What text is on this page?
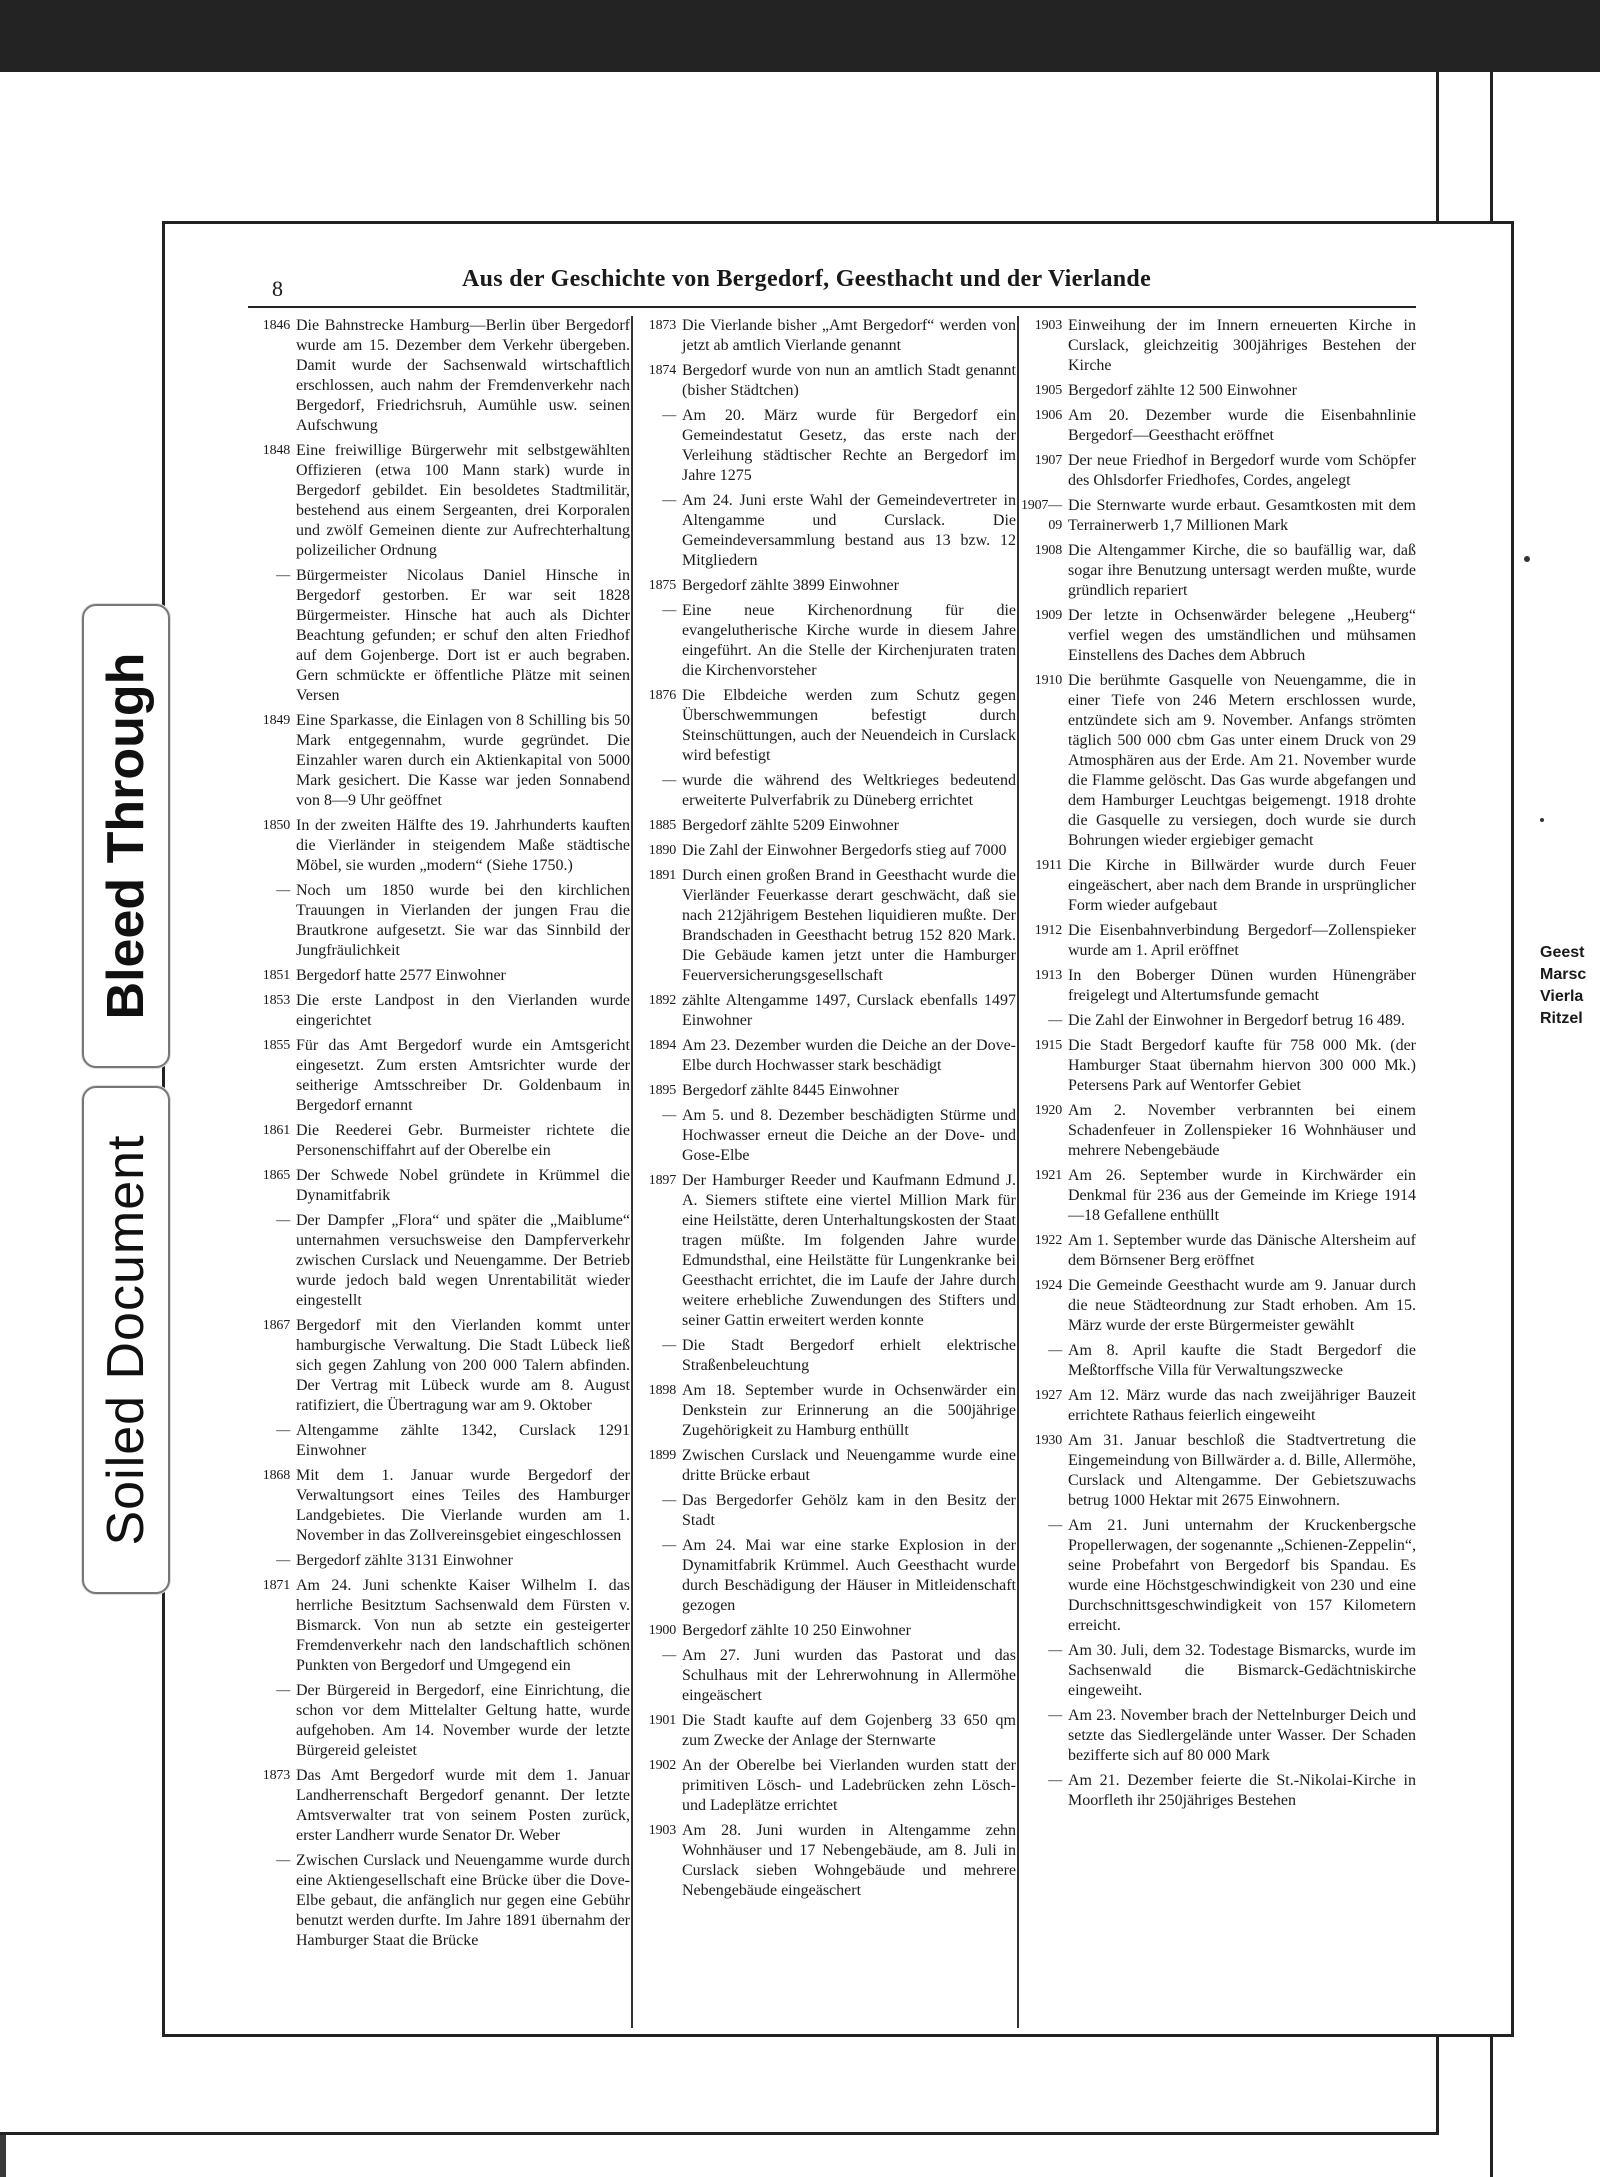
Geest
Marsc
Vierla
Ritzel
Bleed Through
Soiled Document
8	Aus der Geschichte von Bergedorf, Geesthacht und der Vierlande
1846 Die Bahnstrecke Hamburg—Berlin über Bergedorf wurde am 15. Dezember dem Verkehr übergeben. Damit wurde der Sachsenwald wirtschaftlich erschlossen, auch nahm der Fremdenverkehr nach Bergedorf, Friedrichsruh, Aumühle usw. seinen Aufschwung
1848 Eine freiwillige Bürgerwehr mit selbstgewählten Offizieren (etwa 100 Mann stark) wurde in Bergedorf gebildet. Ein besoldetes Stadtmilitär, bestehend aus einem Sergeanten, drei Korporalen und zwölf Gemeinen diente zur Aufrechterhaltung polizeilicher Ordnung
— Bürgermeister Nicolaus Daniel Hinsche in Bergedorf gestorben. Er war seit 1828 Bürgermeister. Hinsche hat auch als Dichter Beachtung gefunden; er schuf den alten Friedhof auf dem Gojenberge. Dort ist er auch begraben. Gern schmückte er öffentliche Plätze mit seinen Versen
1849 Eine Sparkasse, die Einlagen von 8 Schilling bis 50 Mark entgegennahm, wurde gegründet. Die Einzahler waren durch ein Aktienkapital von 5000 Mark gesichert. Die Kasse war jeden Sonnabend von 8—9 Uhr geöffnet
1850 In der zweiten Hälfte des 19. Jahrhunderts kauften die Vierländer in steigendem Maße städtische Möbel, sie wurden „modern“ (Siehe 1750.)
— Noch um 1850 wurde bei den kirchlichen Trauungen in Vierlanden der jungen Frau die Brautkrone aufgesetzt. Sie war das Sinnbild der Jungfräulichkeit
1851 Bergedorf hatte 2577 Einwohner
1853 Die erste Landpost in den Vierlanden wurde eingerichtet
1855 Für das Amt Bergedorf wurde ein Amtsgericht eingesetzt. Zum ersten Amtsrichter wurde der seitherige Amtsschreiber Dr. Goldenbaum in Bergedorf ernannt
1861 Die Reederei Gebr. Burmeister richtete die Personenschiffahrt auf der Oberelbe ein
1865 Der Schwede Nobel gründete in Krümmel die Dynamitfabrik
— Der Dampfer „Flora“ und später die „Maiblume“ unternahmen versuchsweise den Dampferverkehr zwischen Curslack und Neuengamme. Der Betrieb wurde jedoch bald wegen Unrentabilität wieder eingestellt
1867 Bergedorf mit den Vierlanden kommt unter hamburgische Verwaltung. Die Stadt Lübeck ließ sich gegen Zahlung von 200 000 Talern abfinden. Der Vertrag mit Lübeck wurde am 8. August ratifiziert, die Übertragung war am 9. Oktober
— Altengamme zählte 1342, Curslack 1291 Einwohner
1868 Mit dem 1. Januar wurde Bergedorf der Verwaltungsort eines Teiles des Hamburger Landgebietes. Die Vierlande wurden am 1. November in das Zollvereinsgebiet eingeschlossen
— Bergedorf zählte 3131 Einwohner
1871 Am 24. Juni schenkte Kaiser Wilhelm I. das herrliche Besitztum Sachsenwald dem Fürsten v. Bismarck. Von nun ab setzte ein gesteigerter Fremdenverkehr nach den landschaftlich schönen Punkten von Bergedorf und Umgegend ein
— Der Bürgereid in Bergedorf, eine Einrichtung, die schon vor dem Mittelalter Geltung hatte, wurde aufgehoben. Am 14. November wurde der letzte Bürgereid geleistet
1873 Das Amt Bergedorf wurde mit dem 1. Januar Landherrenschaft Bergedorf genannt. Der letzte Amtsverwalter trat von seinem Posten zurück, erster Landherr wurde Senator Dr. Weber
— Zwischen Curslack und Neuengamme wurde durch eine Aktiengesellschaft eine Brücke über die Dove-Elbe gebaut, die anfänglich nur gegen eine Gebühr benutzt werden durfte. Im Jahre 1891 übernahm der Hamburger Staat die Brücke
1873 Die Vierlande bisher „Amt Bergedorf“ werden von jetzt ab amtlich Vierlande genannt
1874 Bergedorf wurde von nun an amtlich Stadt genannt (bisher Städtchen)
— Am 20. März wurde für Bergedorf ein Gemeindestatut Gesetz, das erste nach der Verleihung städtischer Rechte an Bergedorf im Jahre 1275
— Am 24. Juni erste Wahl der Gemeindevertreter in Altengamme und Curslack. Die Gemeindeversammlung bestand aus 13 bzw. 12 Mitgliedern
1875 Bergedorf zählte 3899 Einwohner
— Eine neue Kirchenordnung für die evangelutherische Kirche wurde in diesem Jahre eingeführt. An die Stelle der Kirchenjuraten traten die Kirchenvorsteher
1876 Die Elbdeiche werden zum Schutz gegen Überschwemmungen befestigt durch Steinschüttungen, auch der Neuendeich in Curslack wird befestigt
— wurde die während des Weltkrieges bedeutend erweiterte Pulverfabrik zu Düneberg errichtet
1885 Bergedorf zählte 5209 Einwohner
1890 Die Zahl der Einwohner Bergedorfs stieg auf 7000
1891 Durch einen großen Brand in Geesthacht wurde die Vierländer Feuerkasse derart geschwächt, daß sie nach 212jährigem Bestehen liquidieren mußte. Der Brandschaden in Geesthacht betrug 152 820 Mark. Die Gebäude kamen jetzt unter die Hamburger Feuerversicherungsgesellschaft
1892 zählte Altengamme 1497, Curslack ebenfalls 1497 Einwohner
1894 Am 23. Dezember wurden die Deiche an der Dove-Elbe durch Hochwasser stark beschädigt
1895 Bergedorf zählte 8445 Einwohner
— Am 5. und 8. Dezember beschädigten Stürme und Hochwasser erneut die Deiche an der Dove- und Gose-Elbe
1897 Der Hamburger Reeder und Kaufmann Edmund J. A. Siemers stiftete eine viertel Million Mark für eine Heilstätte, deren Unterhaltungskosten der Staat tragen müßte. Im folgenden Jahre wurde Edmundsthal, eine Heilstätte für Lungenkranke bei Geesthacht errichtet, die im Laufe der Jahre durch weitere erhebliche Zuwendungen des Stifters und seiner Gattin erweitert werden konnte
— Die Stadt Bergedorf erhielt elektrische Straßenbeleuchtung
1898 Am 18. September wurde in Ochsenwärder ein Denkstein zur Erinnerung an die 500jährige Zugehörigkeit zu Hamburg enthüllt
1899 Zwischen Curslack und Neuengamme wurde eine dritte Brücke erbaut
— Das Bergedorfer Gehölz kam in den Besitz der Stadt
— Am 24. Mai war eine starke Explosion in der Dynamitfabrik Krümmel. Auch Geesthacht wurde durch Beschädigung der Häuser in Mitleidenschaft gezogen
1900 Bergedorf zählte 10 250 Einwohner
— Am 27. Juni wurden das Pastorat und das Schulhaus mit der Lehrerwohnung in Allermöhe eingeäschert
1901 Die Stadt kaufte auf dem Gojenberg 33 650 qm zum Zwecke der Anlage der Sternwarte
1902 An der Oberelbe bei Vierlanden wurden statt der primitiven Lösch- und Ladebrücken zehn Lösch- und Ladeplätze errichtet
1903 Am 28. Juni wurden in Altengamme zehn Wohnhäuser und 17 Nebengebäude, am 8. Juli in Curslack sieben Wohngebäude und mehrere Nebengebäude eingeäschert
1903 Einweihung der im Innern erneuerten Kirche in Curslack, gleichzeitig 300jähriges Bestehen der Kirche
1905 Bergedorf zählte 12 500 Einwohner
1906 Am 20. Dezember wurde die Eisenbahnlinie Bergedorf—Geesthacht eröffnet
1907 Der neue Friedhof in Bergedorf wurde vom Schöpfer des Ohlsdorfer Friedhofes, Cordes, angelegt
1907—09
Die Sternwarte wurde erbaut. Gesamtkosten mit dem Terrainerwerb 1,7 Millionen Mark
1908 Die Altengammer Kirche, die so baufällig war, daß sogar ihre Benutzung untersagt werden mußte, wurde gründlich repariert
1909 Der letzte in Ochsenwärder belegene „Heuberg“ verfiel wegen des umständlichen und mühsamen Einstellens des Daches dem Abbruch
1910 Die berühmte Gasquelle von Neuengamme, die in einer Tiefe von 246 Metern erschlossen wurde, entzündete sich am 9. November. Anfangs strömten täglich 500 000 cbm Gas unter einem Druck von 29 Atmosphären aus der Erde. Am 21. November wurde die Flamme gelöscht. Das Gas wurde abgefangen und dem Hamburger Leuchtgas beigemengt. 1918 drohte die Gasquelle zu versiegen, doch wurde sie durch Bohrungen wieder ergiebiger gemacht
1911 Die Kirche in Billwärder wurde durch Feuer eingeäschert, aber nach dem Brande in ursprünglicher Form wieder aufgebaut
1912 Die Eisenbahnverbindung Bergedorf—Zollenspieker wurde am 1. April eröffnet
1913 In den Boberger Dünen wurden Hünengräber freigelegt und Altertumsfunde gemacht
— Die Zahl der Einwohner in Bergedorf betrug 16 489.
1915 Die Stadt Bergedorf kaufte für 758 000 Mk. (der Hamburger Staat übernahm hiervon 300 000 Mk.) Petersens Park auf Wentorfer Gebiet
1920 Am 2. November verbrannten bei einem Schadenfeuer in Zollenspieker 16 Wohnhäuser und mehrere Nebengebäude
1921 Am 26. September wurde in Kirchwärder ein Denkmal für 236 aus der Gemeinde im Kriege 1914—18 Gefallene enthüllt
1922 Am 1. September wurde das Dänische Altersheim auf dem Börnsener Berg eröffnet
1924 Die Gemeinde Geesthacht wurde am 9. Januar durch die neue Städteordnung zur Stadt erhoben. Am 15. März wurde der erste Bürgermeister gewählt
— Am 8. April kaufte die Stadt Bergedorf die Meßtorffsche Villa für Verwaltungszwecke
1927 Am 12. März wurde das nach zweijähriger Bauzeit errichtete Rathaus feierlich eingeweiht
1930 Am 31. Januar beschloß die Stadtvertretung die Eingemeindung von Billwärder a. d. Bille, Allermöhe, Curslack und Altengamme. Der Gebietszuwachs betrug 1000 Hektar mit 2675 Einwohnern.
— Am 21. Juni unternahm der Kruckenbergsche Propellerwagen, der sogenannte „Schienen-Zeppelin“, seine Probefahrt von Bergedorf bis Spandau. Es wurde eine Höchstgeschwindigkeit von 230 und eine Durchschnittsgeschwindigkeit von 157 Kilometern erreicht.
— Am 30. Juli, dem 32. Todestage Bismarcks, wurde im Sachsenwald die Bismarck-Gedächtniskirche eingeweiht.
— Am 23. November brach der Nettelnburger Deich und setzte das Siedlergelände unter Wasser. Der Schaden bezifferte sich auf 80 000 Mark
— Am 21. Dezember feierte die St.-Nikolai-Kirche in Moorfleth ihr 250jähriges Bestehen
